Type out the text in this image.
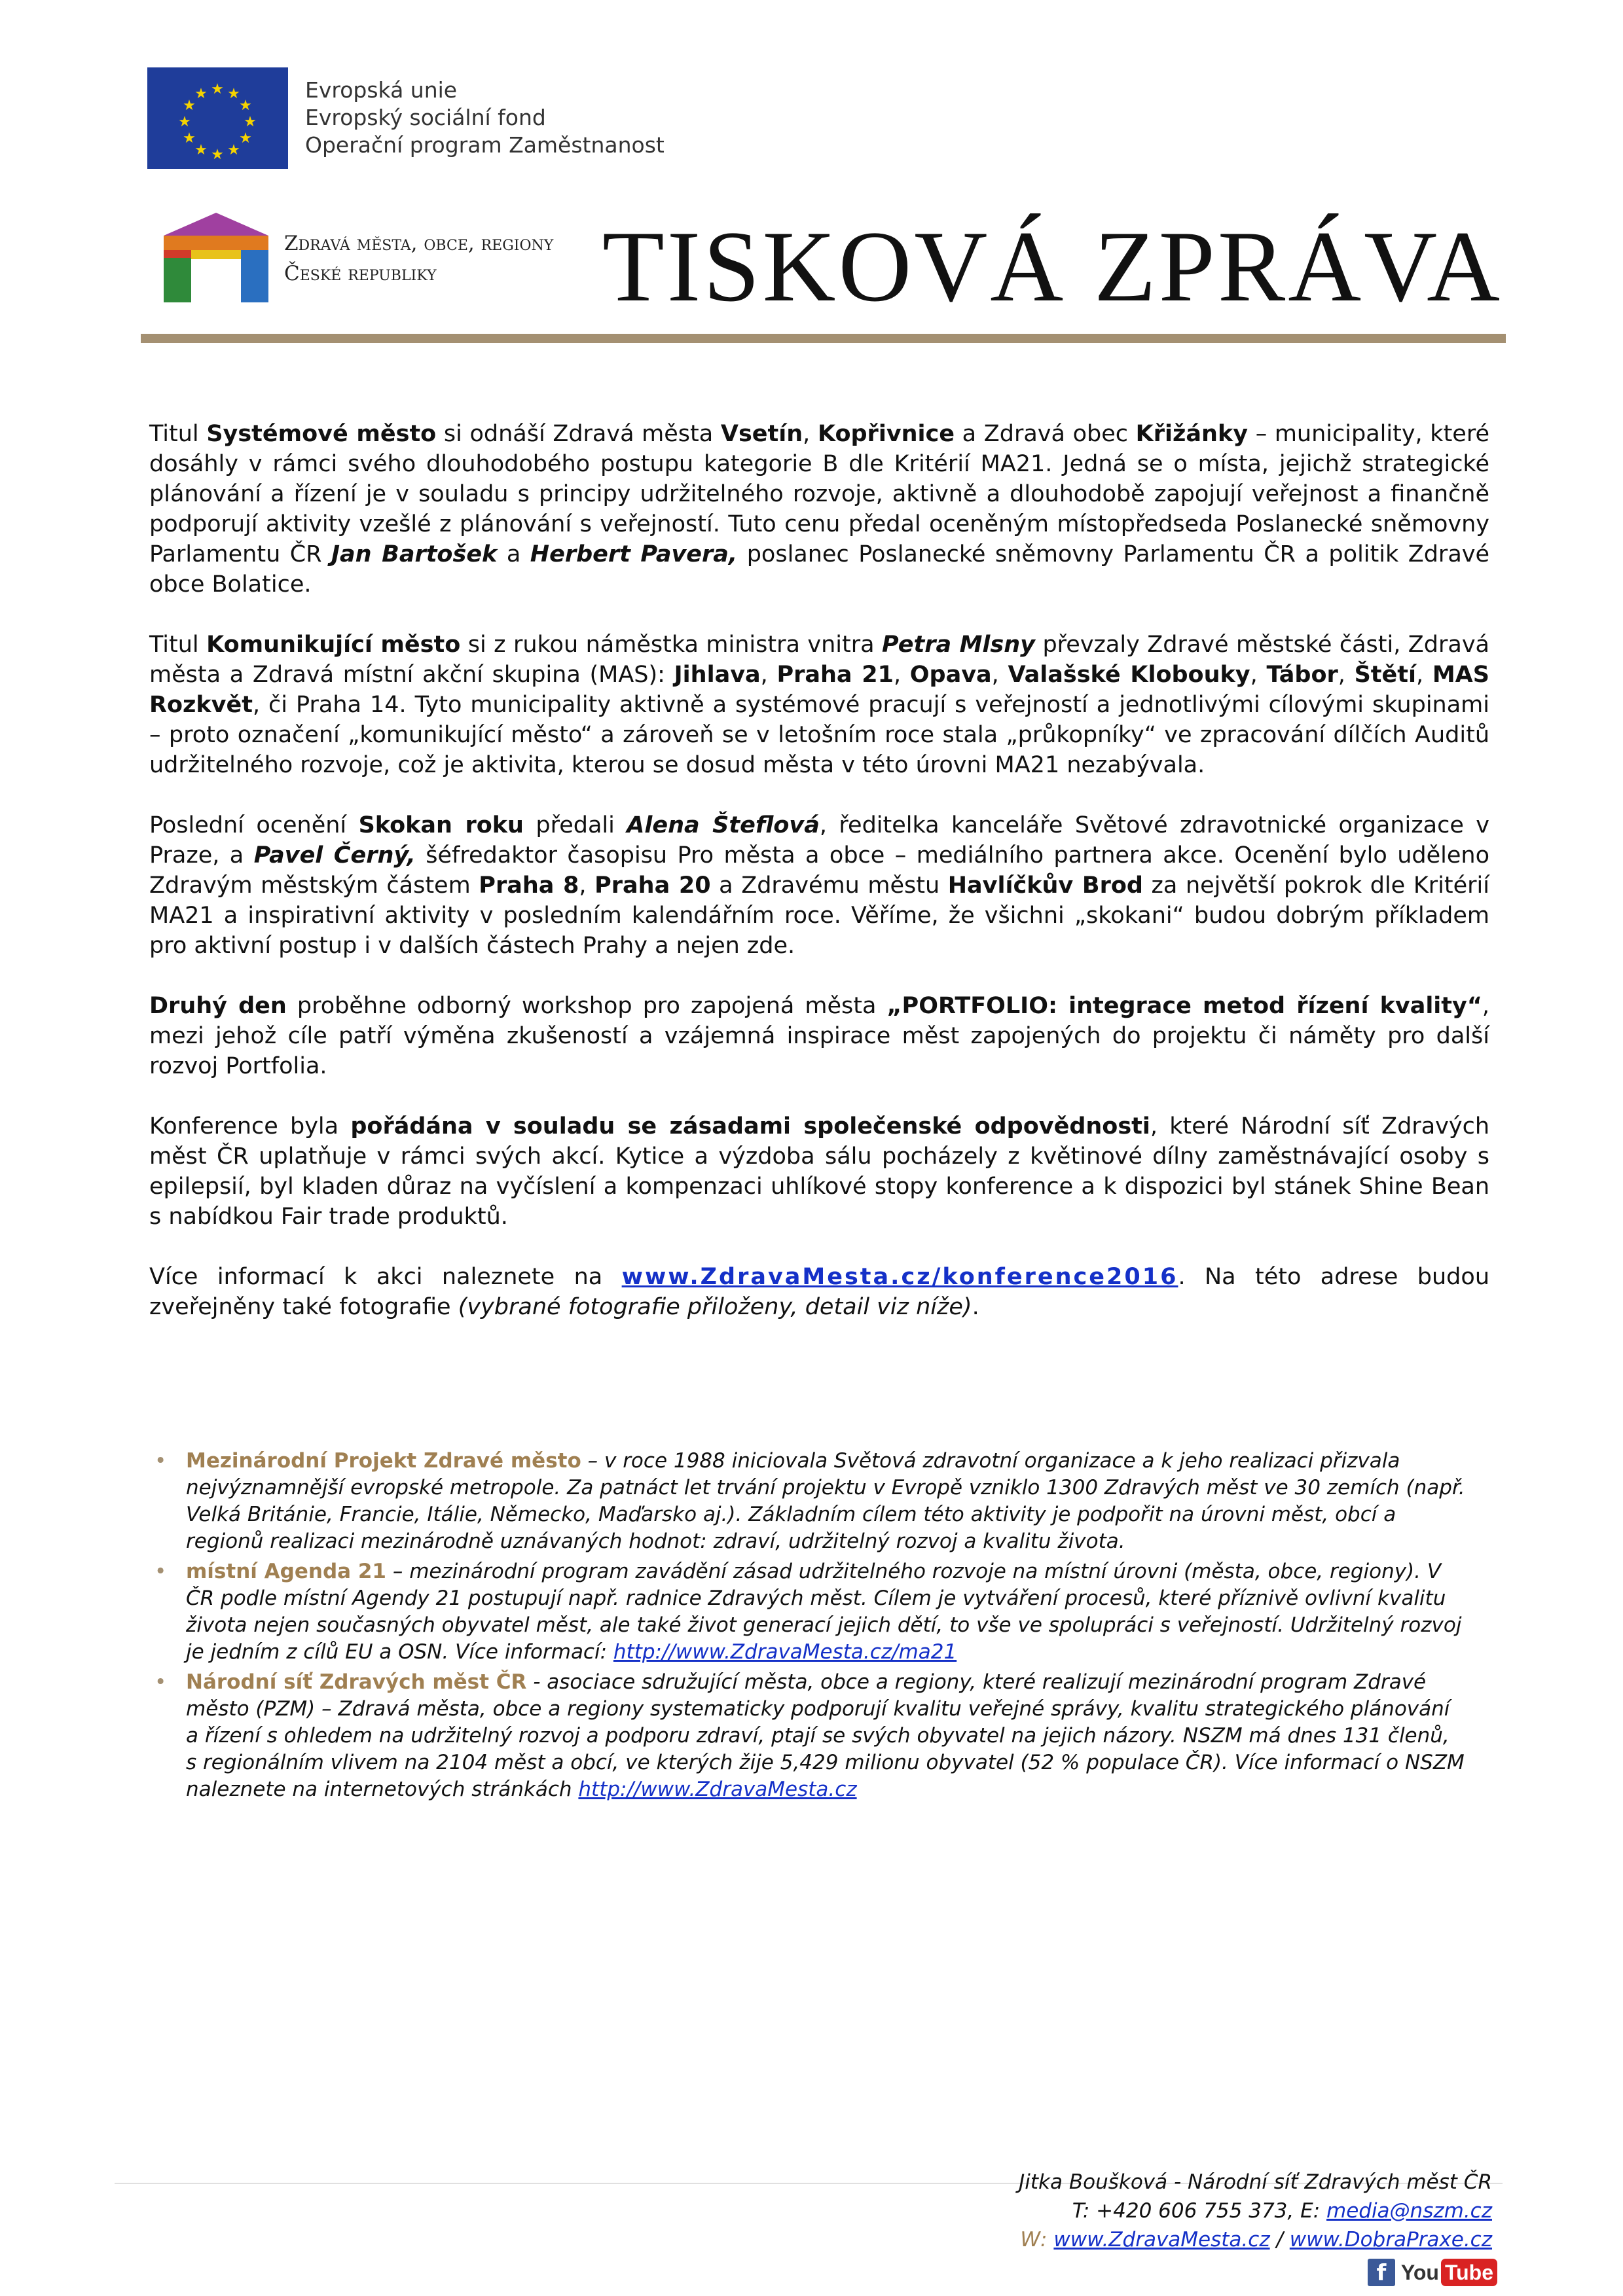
★ ★
★
★
★
★
★
★
★
★
★
★	Evropská unie
Evropský sociální fond
Operační program Zaměstnanost
Zdravá města, obce, regiony
České republiky	TISKOVÁ ZPRÁVA

Titul Systémové město si odnáší Zdravá města Vsetín, Kopřivnice a Zdravá obec Křižánky – municipality, které dosáhly v rámci svého dlouhodobého postupu kategorie B dle Kritérií MA21. Jedná se o místa, jejichž strategické plánování a řízení je v souladu s principy udržitelného rozvoje, aktivně a dlouhodobě zapojují veřejnost a finančně podporují aktivity vzešlé z plánování s veřejností. Tuto cenu předal oceněným místopředseda Poslanecké sněmovny Parlamentu ČR Jan Bartošek a Herbert Pavera, poslanec Poslanecké sněmovny Parlamentu ČR a politik Zdravé obce Bolatice.

Titul Komunikující město si z rukou náměstka ministra vnitra Petra Mlsny převzaly Zdravé městské části, Zdravá města a Zdravá místní akční skupina (MAS): Jihlava, Praha 21, Opava, Valašské Klobouky, Tábor, Štětí, MAS Rozkvět, či Praha 14. Tyto municipality aktivně a systémové pracují s veřejností a jednotlivými cílovými skupinami – proto označení „komunikující město“ a zároveň se v letošním roce stala „průkopníky“ ve zpracování dílčích Auditů udržitelného rozvoje, což je aktivita, kterou se dosud města v této úrovni MA21 nezabývala.

Poslední ocenění Skokan roku předali Alena Šteflová, ředitelka kanceláře Světové zdravotnické organizace v Praze, a Pavel Černý, šéfredaktor časopisu Pro města a obce – mediálního partnera akce. Ocenění bylo uděleno Zdravým městským částem Praha 8, Praha 20 a Zdravému městu Havlíčkův Brod za největší pokrok dle Kritérií MA21 a inspirativní aktivity v posledním kalendářním roce. Věříme, že všichni „skokani“ budou dobrým příkladem pro aktivní postup i v dalších částech Prahy a nejen zde.

Druhý den proběhne odborný workshop pro zapojená města „PORTFOLIO: integrace metod řízení kvality“, mezi jehož cíle patří výměna zkušeností a vzájemná inspirace měst zapojených do projektu či náměty pro další rozvoj Portfolia.

Konference byla pořádána v souladu se zásadami společenské odpovědnosti, které Národní síť Zdravých měst ČR uplatňuje v rámci svých akcí. Kytice a výzdoba sálu pocházely z květinové dílny zaměstnávající osoby s epilepsií, byl kladen důraz na vyčíslení a kompenzaci uhlíkové stopy konference a k dispozici byl stánek Shine Bean s nabídkou Fair trade produktů.

Více informací k akci naleznete na www.ZdravaMesta.cz/konference2016. Na této adrese budou zveřejněny také fotografie (vybrané fotografie přiloženy, detail viz níže).

• Mezinárodní Projekt Zdravé město – v roce 1988 iniciovala Světová zdravotní organizace a k jeho realizaci přizvala nejvýznamnější evropské metropole. Za patnáct let trvání projektu v Evropě vzniklo 1300 Zdravých měst ve 30 zemích (např. Velká Británie, Francie, Itálie, Německo, Maďarsko aj.). Základním cílem této aktivity je podpořit na úrovni měst, obcí a regionů realizaci mezinárodně uznávaných hodnot: zdraví, udržitelný rozvoj a kvalitu života.
• místní Agenda 21 – mezinárodní program zavádění zásad udržitelného rozvoje na místní úrovni (města, obce, regiony). V ČR podle místní Agendy 21 postupují např. radnice Zdravých měst. Cílem je vytváření procesů, které příznivě ovlivní kvalitu života nejen současných obyvatel měst, ale také život generací jejich dětí, to vše ve spolupráci s veřejností. Udržitelný rozvoj je jedním z cílů EU a OSN. Více informací: http://www.ZdravaMesta.cz/ma21
• Národní síť Zdravých měst ČR - asociace sdružující města, obce a regiony, které realizují mezinárodní program Zdravé město (PZM) – Zdravá města, obce a regiony systematicky podporují kvalitu veřejné správy, kvalitu strategického plánování a řízení s ohledem na udržitelný rozvoj a podporu zdraví, ptají se svých obyvatel na jejich názory. NSZM má dnes 131 členů, s regionálním vlivem na 2104 měst a obcí, ve kterých žije 5,429 milionu obyvatel (52 % populace ČR). Více informací o NSZM naleznete na internetových stránkách http://www.ZdravaMesta.cz
Jitka Boušková - Národní síť Zdravých měst ČR
T: +420 606 755 373, E: media@nszm.cz
W: www.ZdravaMesta.cz / www.DobraPraxe.cz
f You Tube
